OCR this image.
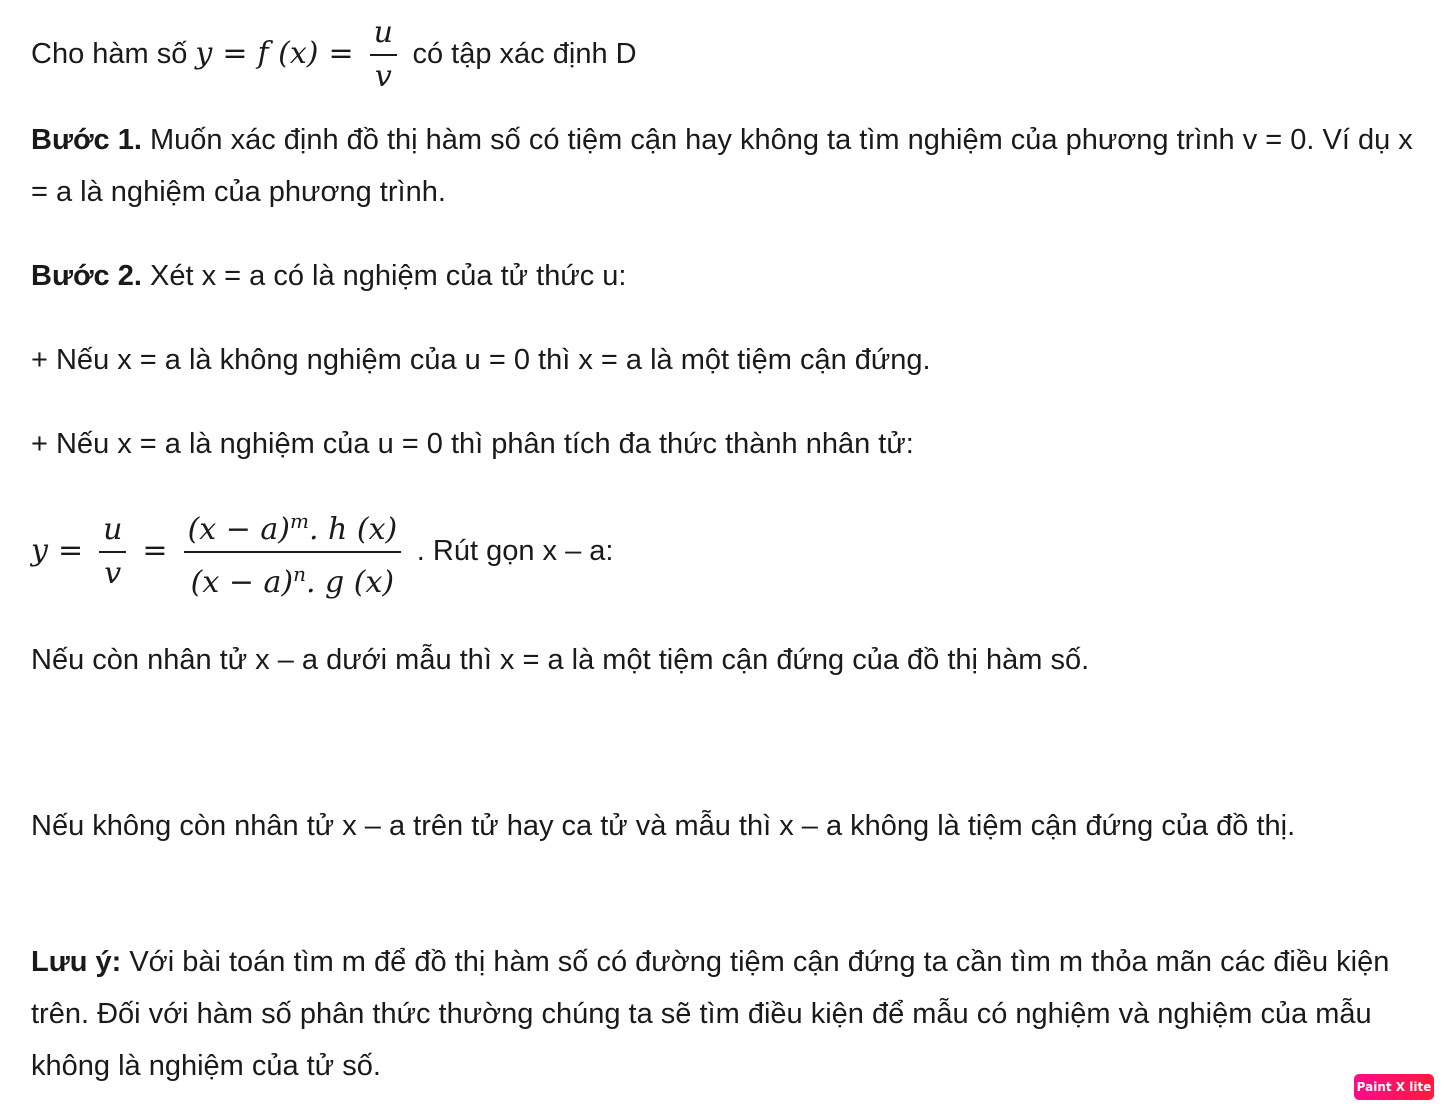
Cho hàm số y = f $(x) = \frac{u}{v}$ có tập xác định D

Bước 1. Muốn xác định đồ thị hàm số có tiệm cận hay không ta tìm nghiệm của phương trình v = 0. Ví dụ x = a là nghiệm của phương trình.

Bước 2. Xét x = a có là nghiệm của tử thức u:

+ Nếu x = a là không nghiệm của u = 0 thì x = a là một tiệm cận đứng.

+ Nếu x = a là nghiệm của u = 0 thì phân tích đa thức thành nhân tử:

$y = \frac{u}{v} = \frac{(x - a)^m. h (x)}{(x - a)^n. g (x)}$ . Rút gọn x – a:

Nếu còn nhân tử x – a dưới mẫu thì x = a là một tiệm cận đứng của đồ thị hàm số.

Nếu không còn nhân tử x – a trên tử hay ca tử và mẫu thì x – a không là tiệm cận đứng của đồ thị.

Lưu ý: Với bài toán tìm m để đồ thị hàm số có đường tiệm cận đứng ta cần tìm m thỏa mãn các điều kiện trên. Đối với hàm số phân thức thường chúng ta sẽ tìm điều kiện để mẫu có nghiệm và nghiệm của mẫu không là nghiệm của tử số.

Paint X lite
